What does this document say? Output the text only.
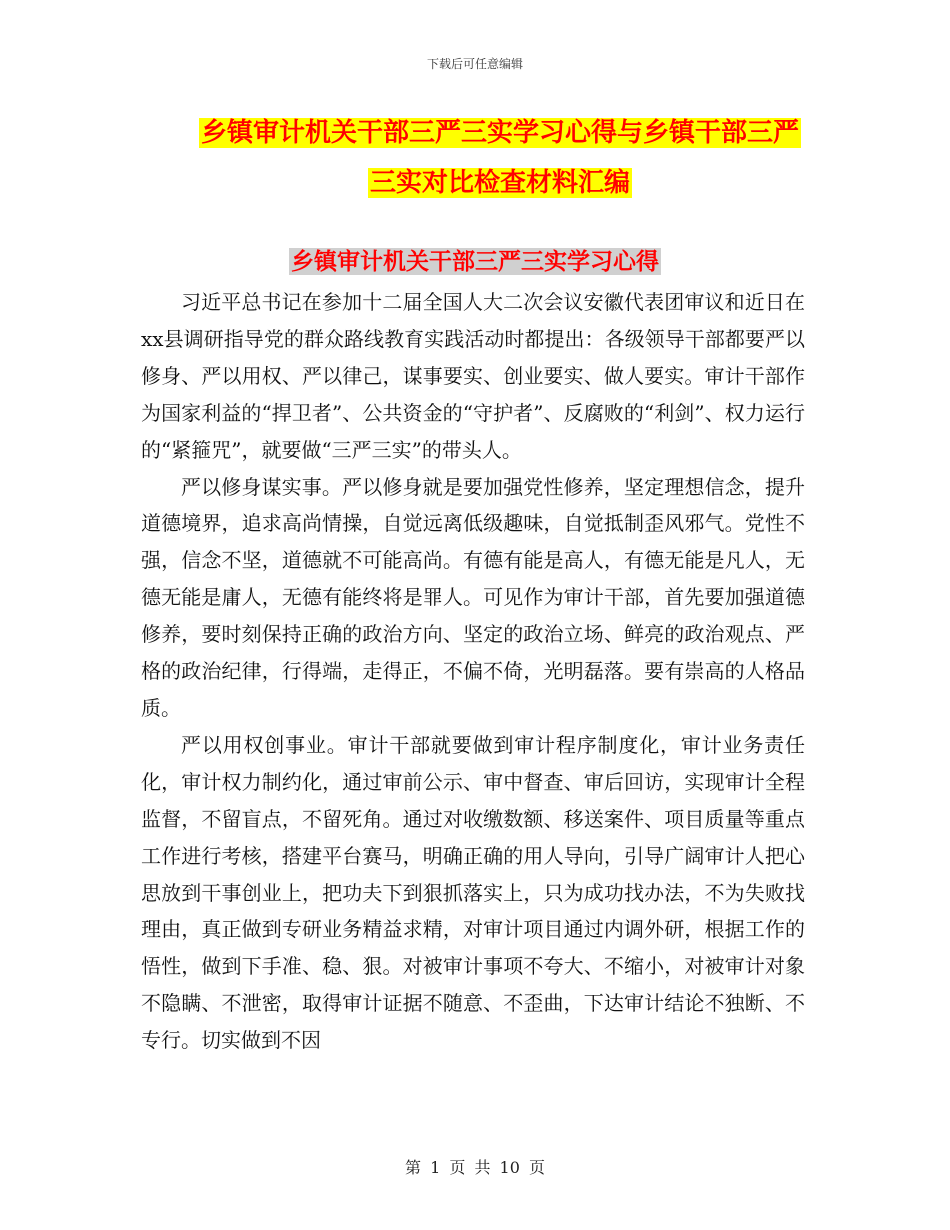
下载后可任意编辑
乡镇审计机关干部三严三实学习心得与乡镇干部三严
三实对比检查材料汇编
乡镇审计机关干部三严三实学习心得

习近平总书记在参加十二届全国人大二次会议安徽代表团审议和近日在xx县调研指导党的群众路线教育实践活动时都提出：各级领导干部都要严以修身、严以用权、严以律己，谋事要实、创业要实、做人要实。审计干部作为国家利益的“捍卫者”、公共资金的“守护者”、反腐败的“利剑”、权力运行的“紧箍咒”，就要做“三严三实”的带头人。

严以修身谋实事。严以修身就是要加强党性修养，坚定理想信念，提升道德境界，追求高尚情操，自觉远离低级趣味，自觉抵制歪风邪气。党性不强，信念不坚，道德就不可能高尚。有德有能是高人，有德无能是凡人，无德无能是庸人，无德有能终将是罪人。可见作为审计干部，首先要加强道德修养，要时刻保持正确的政治方向、坚定的政治立场、鲜亮的政治观点、严格的政治纪律，行得端，走得正，不偏不倚，光明磊落。要有崇高的人格品质。

严以用权创事业。审计干部就要做到审计程序制度化，审计业务责任化，审计权力制约化，通过审前公示、审中督查、审后回访，实现审计全程监督，不留盲点，不留死角。通过对收缴数额、移送案件、项目质量等重点工作进行考核，搭建平台赛马，明确正确的用人导向，引导广阔审计人把心思放到干事创业上，把功夫下到狠抓落实上，只为成功找办法，不为失败找理由，真正做到专研业务精益求精，对审计项目通过内调外研，根据工作的悟性，做到下手准、稳、狠。对被审计事项不夸大、不缩小，对被审计对象不隐瞒、不泄密，取得审计证据不随意、不歪曲，下达审计结论不独断、不专行。切实做到不因

第 1 页 共 10 页
